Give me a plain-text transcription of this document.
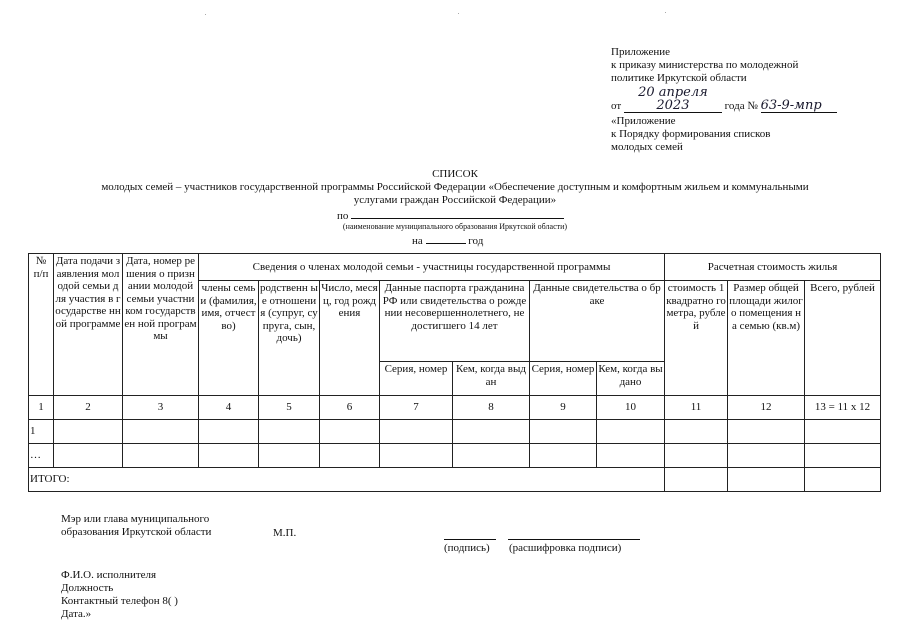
Приложение
к приказу министерства по молодежной
политике Иркутской области
от 20 апреля 2023	года № 63-9-мпр
«Приложение
к Порядку формирования списков
молодых семей
СПИСОК
молодых семей – участников государственной программы Российской Федерации «Обеспечение доступным и комфортным жильем и коммунальными
услугами граждан Российской Федерации»
по
(наименование муниципального образования Иркутской области)
на	год
№ п/п	Дата подачи заявления молодой семьи для участия в государстве нной программе	Дата, номер решения о признании молодой семьи участником государствен ной программы	Сведения о членах молодой семьи - участницы государственной программы							Расчетная стоимость жилья		
			члены семьи (фамилия, имя, отчество)	родственн ые отношени я (супруг, супруга, сын, дочь)	Число, месяц, год рождения	Данные паспорта гражданина РФ или свидетельства о рождении несовершеннолетнего, не достигшего 14 лет		Данные свидетельства о браке		стоимость 1 квадратно го метра, рублей	Размер общей площади жилого помещения на семью (кв.м)	Всего, рублей
						Серия, номер	Кем, когда выдан	Серия, номер	Кем, когда выдано			
1	2	3	4	5	6	7	8	9	10	11	12	13 = 11 x 12
1												
…												
ИТОГО:												
Мэр или глава муниципального
образования Иркутской области	М.П.
(подпись) (расшифровка подписи)
Ф.И.О. исполнителя
Должность
Контактный телефон 8( )
Дата.»
